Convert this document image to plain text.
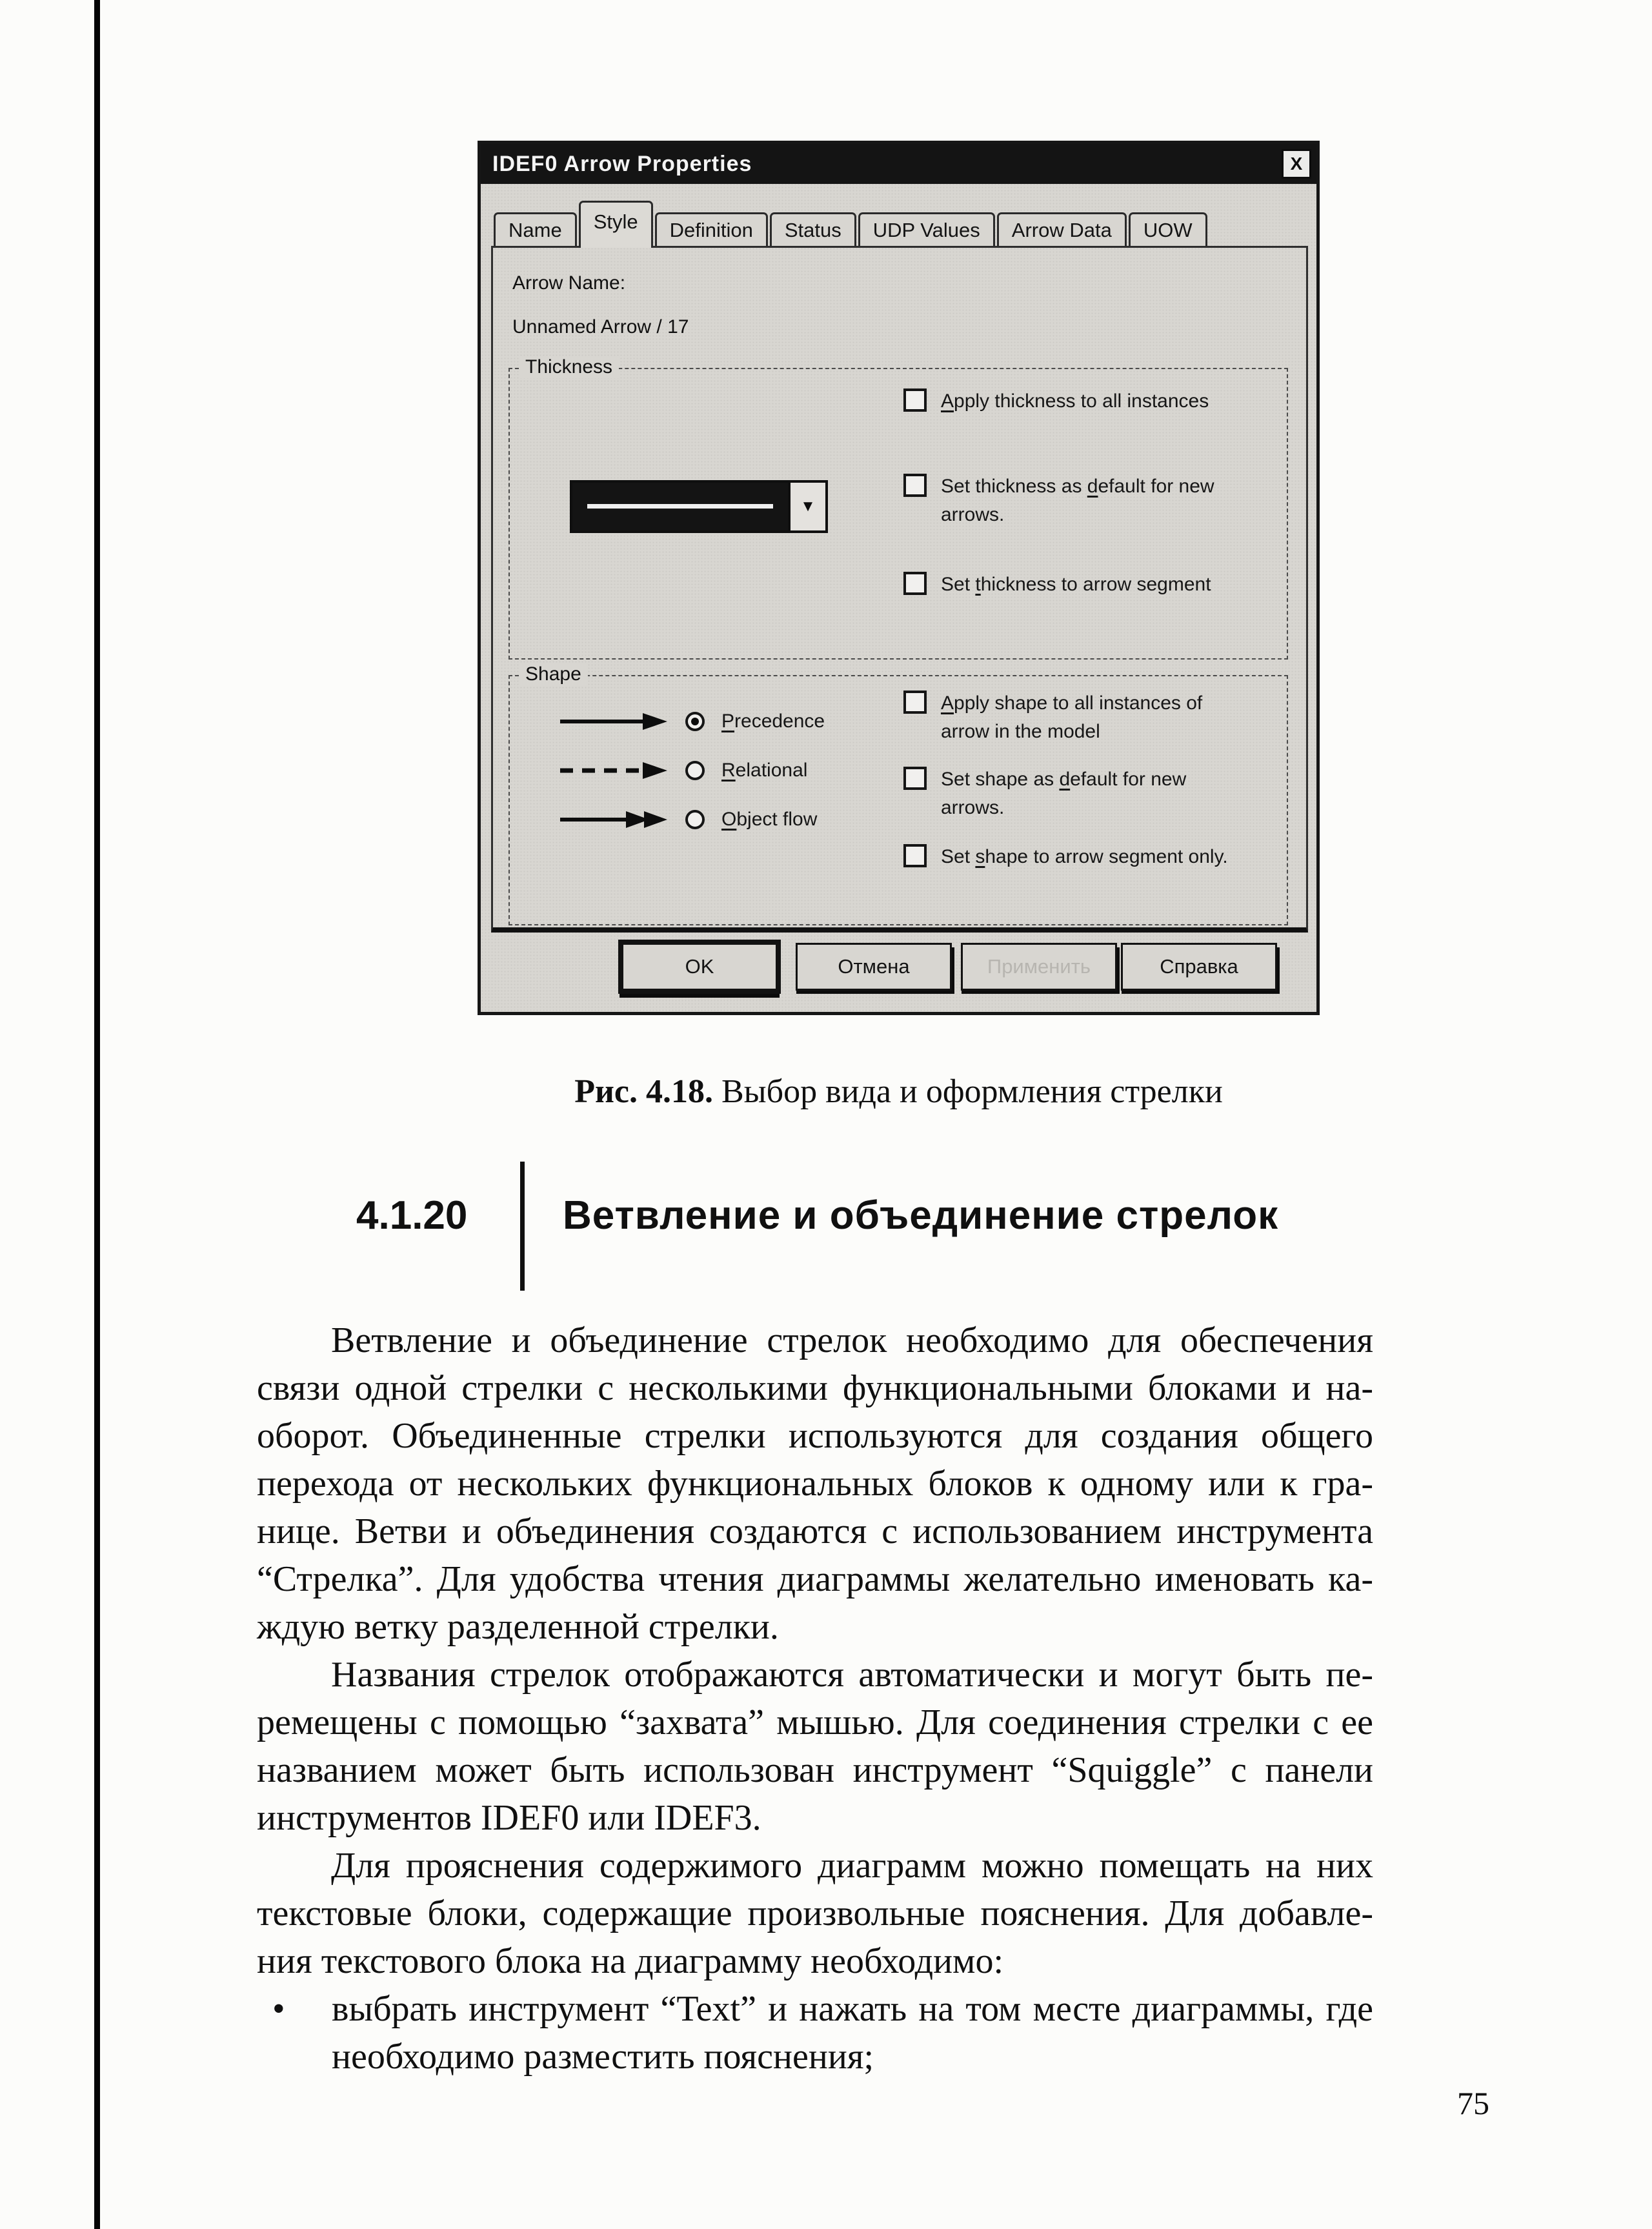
IDEF0 Arrow Properties	X
Name	Style	Definition	Status	UDP Values	Arrow Data	UOW
Arrow Name:
Unnamed Arrow / 17
Thickness
▼
Apply thickness to all instances
Set thickness as default for new arrows.
Set thickness to arrow segment
Shape
Precedence
Relational
Object flow
Apply shape to all instances of arrow in the model
Set shape as default for new arrows.
Set shape to arrow segment only.
OK	Отмена	Применить	Справка
Рис. 4.18. Выбор вида и оформления стрелки
4.1.20 Ветвление и объединение стрелок
Ветвление и объединение стрелок необходимо для обеспечения
связи одной стрелки с несколькими функциональными блоками и на-
оборот. Объединенные стрелки используются для создания общего
перехода от нескольких функциональных блоков к одному или к гра-
нице. Ветви и объединения создаются с использованием инструмента
“Стрелка”. Для удобства чтения диаграммы желательно именовать ка-
ждую ветку разделенной стрелки.
Названия стрелок отображаются автоматически и могут быть пе-
ремещены с помощью “захвата” мышью. Для соединения стрелки с ее
названием может быть использован инструмент “Squiggle” с панели
инструментов IDEF0 или IDEF3.
Для прояснения содержимого диаграмм можно помещать на них
текстовые блоки, содержащие произвольные пояснения. Для добавле-
ния текстового блока на диаграмму необходимо:
•	выбрать инструмент “Text” и нажать на том месте диаграммы, где
необходимо разместить пояснения;
75
